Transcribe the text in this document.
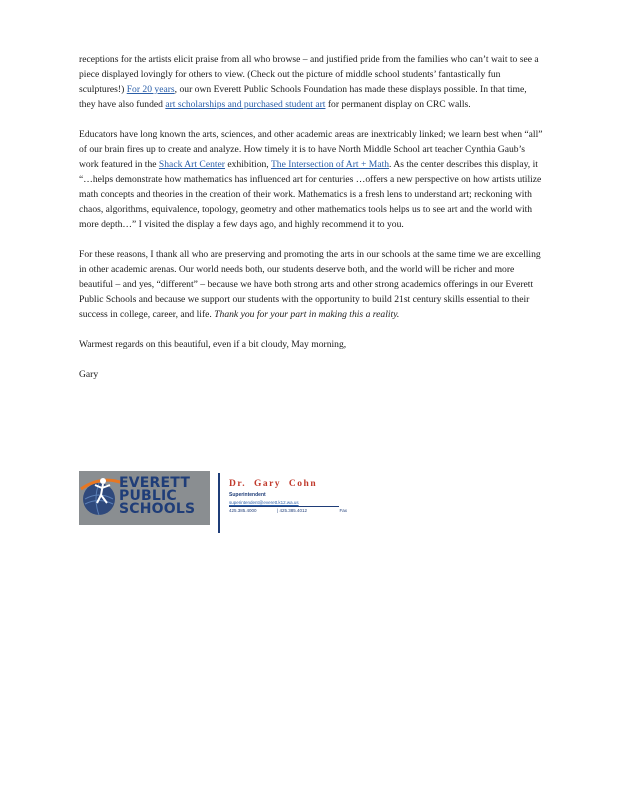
receptions for the artists elicit praise from all who browse – and justified pride from the families who can’t wait to see a piece displayed lovingly for others to view. (Check out the picture of middle school students’ fantastically fun sculptures!) For 20 years, our own Everett Public Schools Foundation has made these displays possible. In that time, they have also funded art scholarships and purchased student art for permanent display on CRC walls.

Educators have long known the arts, sciences, and other academic areas are inextricably linked; we learn best when “all” of our brain fires up to create and analyze. How timely it is to have North Middle School art teacher Cynthia Gaub’s work featured in the Shack Art Center exhibition, The Intersection of Art + Math. As the center describes this display, it “…helps demonstrate how mathematics has influenced art for centuries …offers a new perspective on how artists utilize math concepts and theories in the creation of their work. Mathematics is a fresh lens to understand art; reckoning with chaos, algorithms, equivalence, topology, geometry and other mathematics tools helps us to see art and the world with more depth…” I visited the display a few days ago, and highly recommend it to you.

For these reasons, I thank all who are preserving and promoting the arts in our schools at the same time we are excelling in other academic arenas. Our world needs both, our students deserve both, and the world will be richer and more beautiful – and yes, “different” – because we have both strong arts and other strong academics offerings in our Everett Public Schools and because we support our students with the opportunity to build 21st century skills essential to their success in college, career, and life. Thank you for your part in making this a reality.

Warmest regards on this beautiful, even if a bit cloudy, May morning,

Gary

EVERETT
PUBLIC
SCHOOLS
Dr. Gary Cohn
Superintendent
superintendent@everett.k12.wa.us
425.385.4000	| 425.385.4012	Fax
